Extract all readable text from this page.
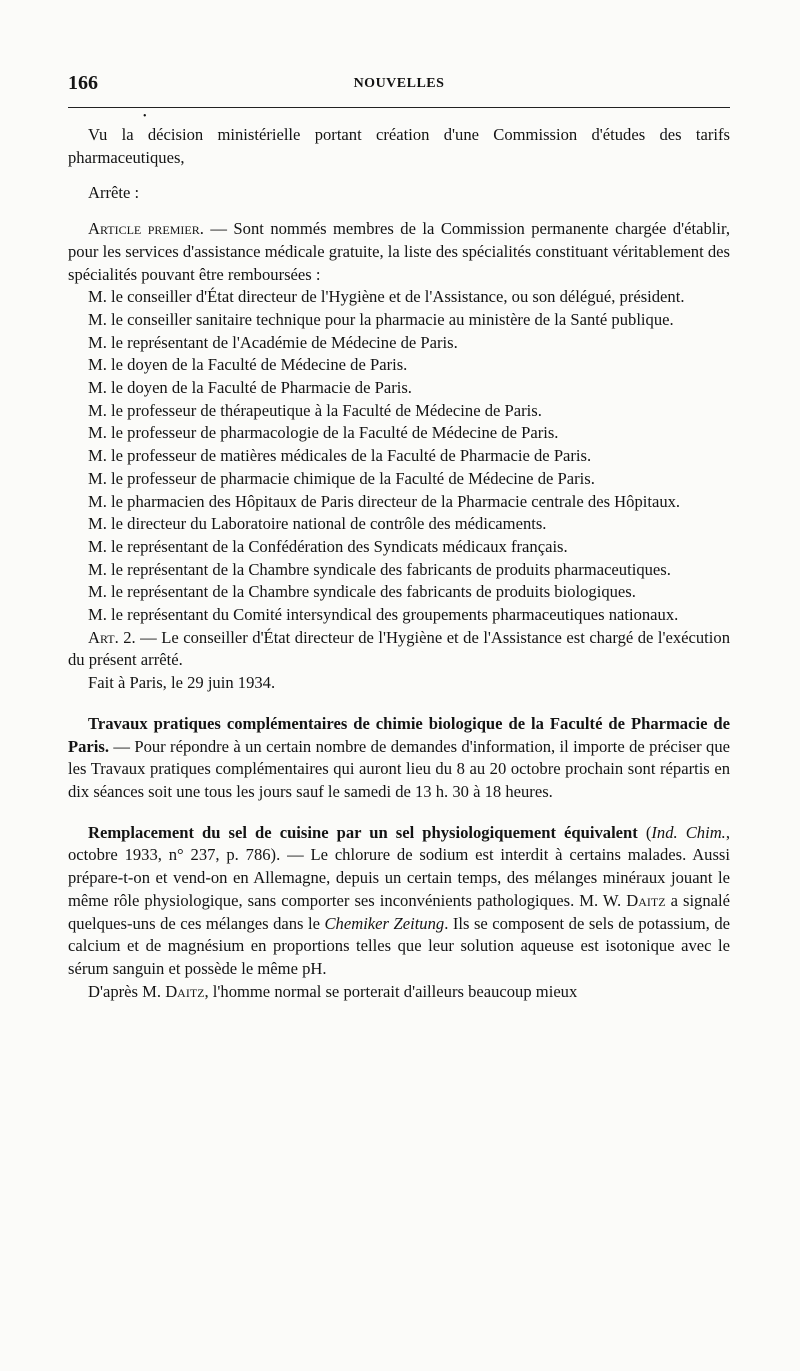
166	NOUVELLES
•

Vu la décision ministérielle portant création d'une Commission d'études des tarifs pharmaceutiques,

Arrête :

Article premier. — Sont nommés membres de la Commission permanente chargée d'établir, pour les services d'assistance médicale gratuite, la liste des spécialités constituant véritablement des spécialités pouvant être remboursées :

M. le conseiller d'État directeur de l'Hygiène et de l'Assistance, ou son délégué, président.

M. le conseiller sanitaire technique pour la pharmacie au ministère de la Santé publique.

M. le représentant de l'Académie de Médecine de Paris.

M. le doyen de la Faculté de Médecine de Paris.

M. le doyen de la Faculté de Pharmacie de Paris.

M. le professeur de thérapeutique à la Faculté de Médecine de Paris.

M. le professeur de pharmacologie de la Faculté de Médecine de Paris.

M. le professeur de matières médicales de la Faculté de Pharmacie de Paris.

M. le professeur de pharmacie chimique de la Faculté de Médecine de Paris.

M. le pharmacien des Hôpitaux de Paris directeur de la Pharmacie centrale des Hôpitaux.

M. le directeur du Laboratoire national de contrôle des médicaments.

M. le représentant de la Confédération des Syndicats médicaux français.

M. le représentant de la Chambre syndicale des fabricants de produits pharmaceutiques.

M. le représentant de la Chambre syndicale des fabricants de produits biologiques.

M. le représentant du Comité intersyndical des groupements pharmaceutiques nationaux.

Art. 2. — Le conseiller d'État directeur de l'Hygiène et de l'Assistance est chargé de l'exécution du présent arrêté.

Fait à Paris, le 29 juin 1934.

Travaux pratiques complémentaires de chimie biologique de la Faculté de Pharmacie de Paris. — Pour répondre à un certain nombre de demandes d'information, il importe de préciser que les Travaux pratiques complémentaires qui auront lieu du 8 au 20 octobre prochain sont répartis en dix séances soit une tous les jours sauf le samedi de 13 h. 30 à 18 heures.

Remplacement du sel de cuisine par un sel physiologiquement équivalent (Ind. Chim., octobre 1933, n° 237, p. 786). — Le chlorure de sodium est interdit à certains malades. Aussi prépare-t-on et vend-on en Allemagne, depuis un certain temps, des mélanges minéraux jouant le même rôle physiologique, sans comporter ses inconvénients pathologiques. M. W. Daitz a signalé quelques-uns de ces mélanges dans le Chemiker Zeitung. Ils se composent de sels de potassium, de calcium et de magnésium en proportions telles que leur solution aqueuse est isotonique avec le sérum sanguin et possède le même pH.

D'après M. Daitz, l'homme normal se porterait d'ailleurs beaucoup mieux
